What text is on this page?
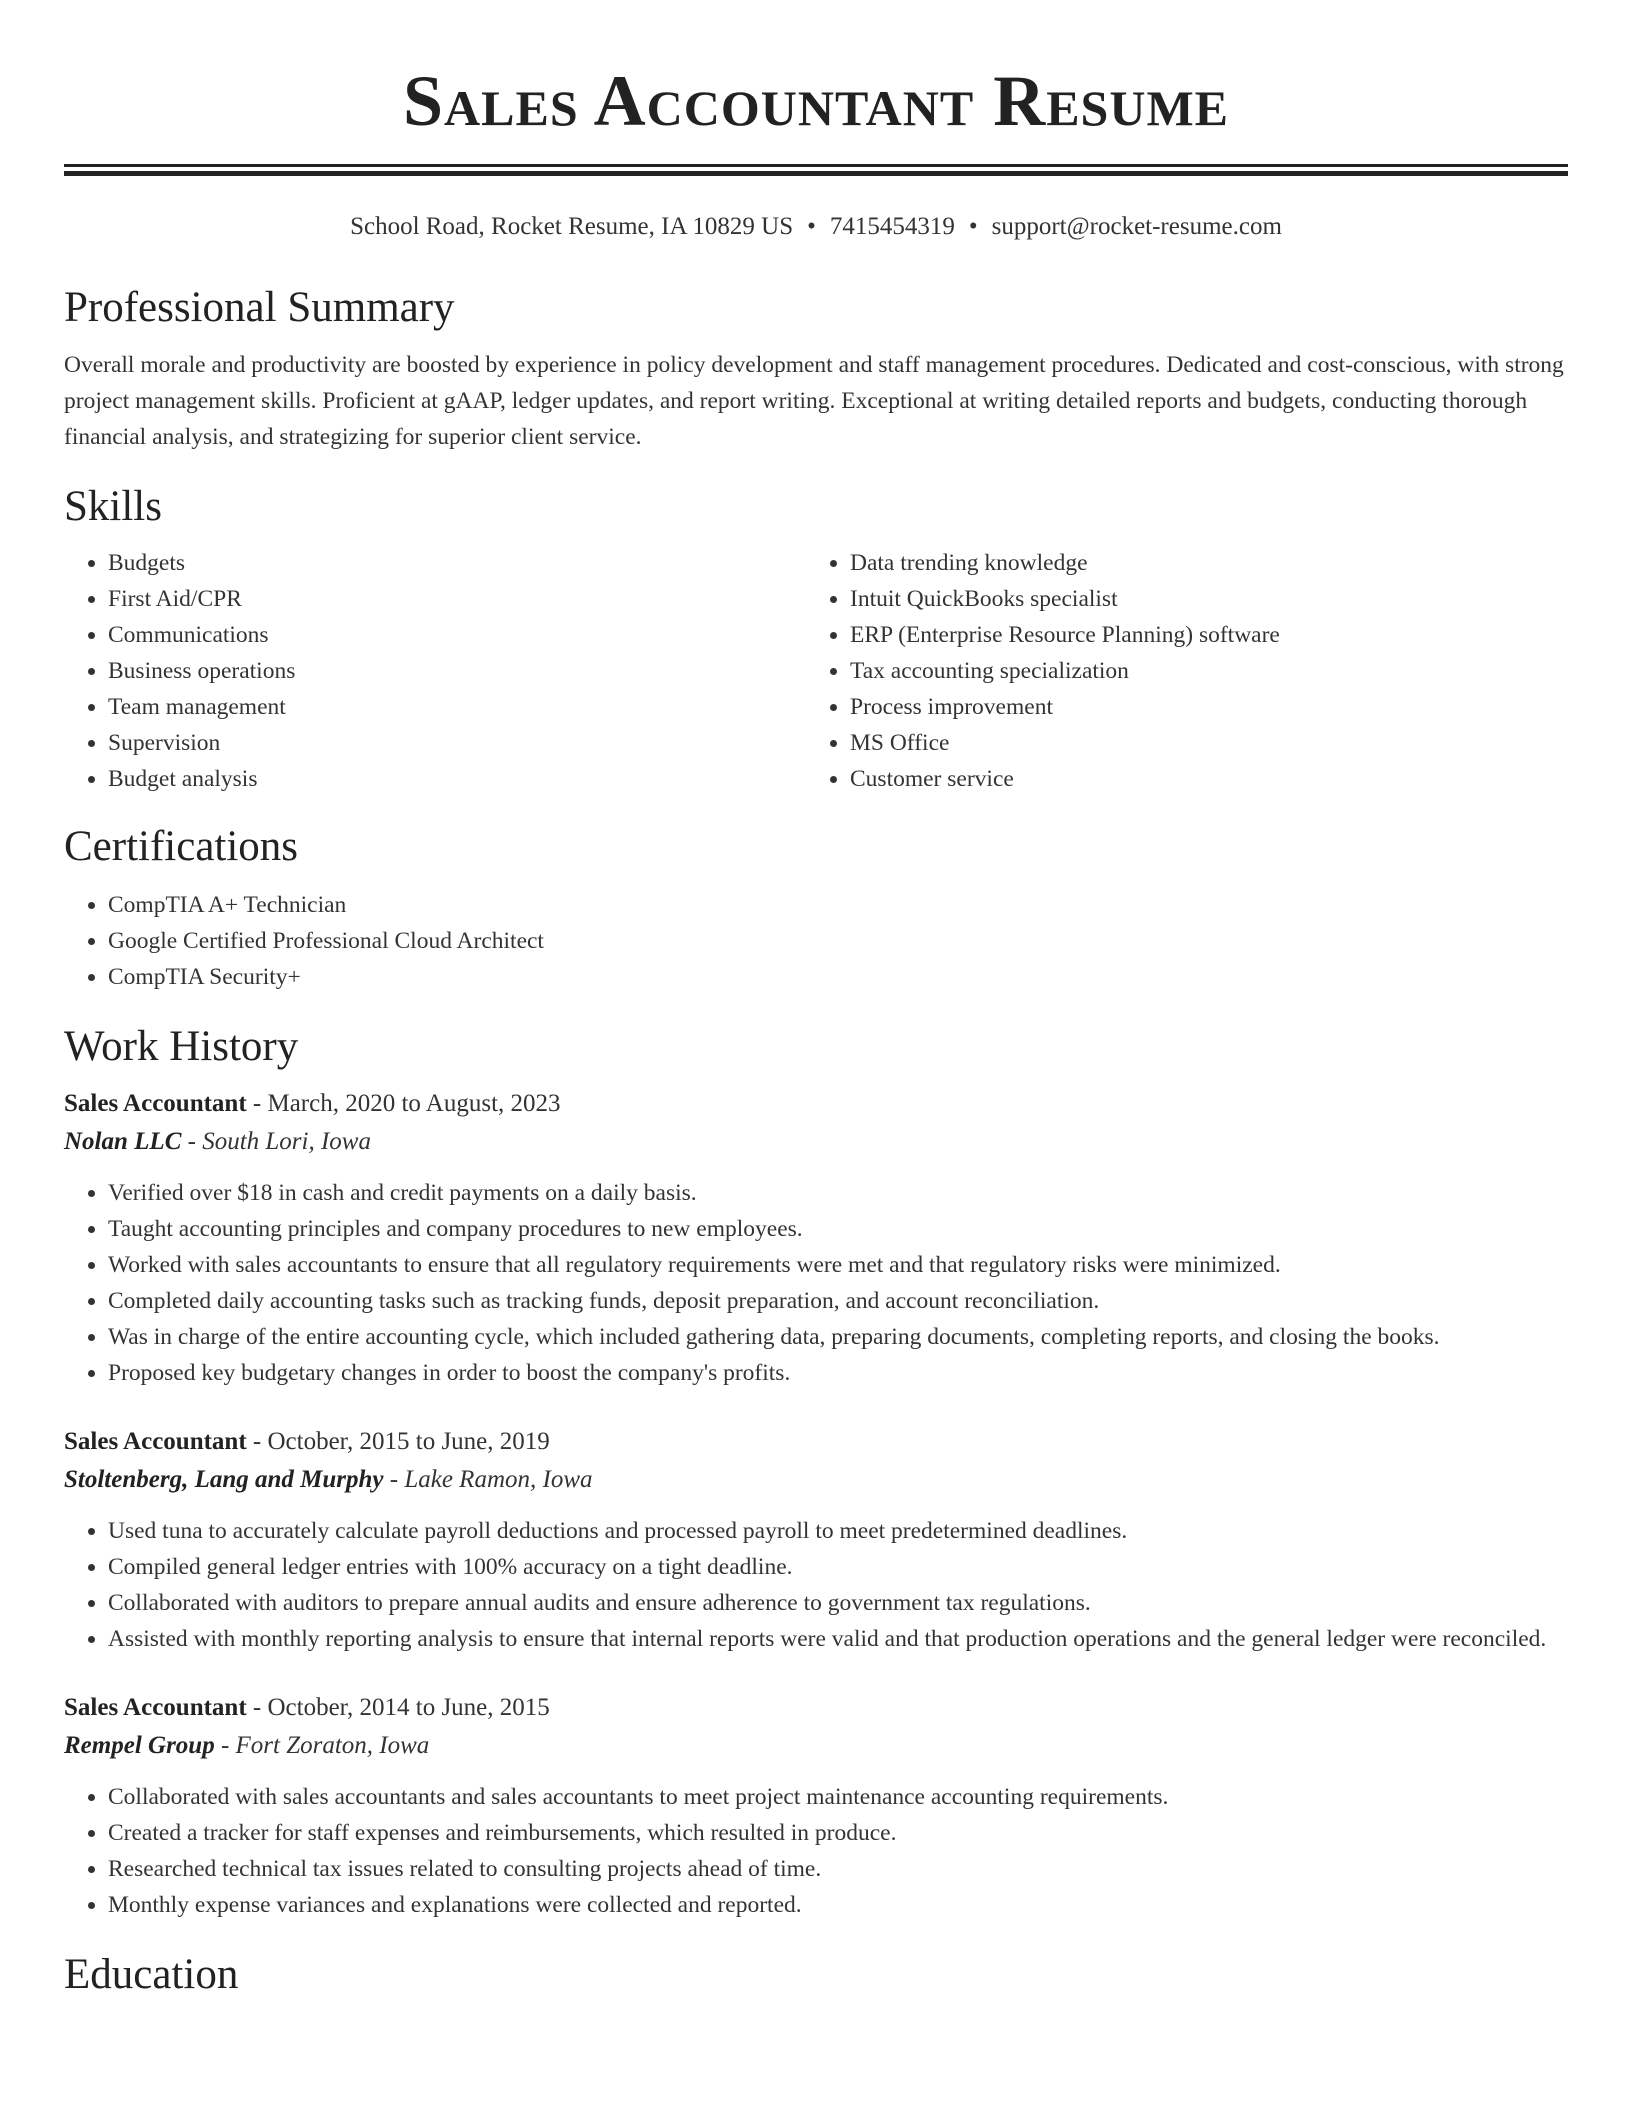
Sales Accountant Resume
School Road, Rocket Resume, IA 10829 US • 7415454319 • support@rocket-resume.com
Professional Summary

Overall morale and productivity are boosted by experience in policy development and staff management procedures. Dedicated and cost-conscious, with strong project management skills. Proficient at gAAP, ledger updates, and report writing. Exceptional at writing detailed reports and budgets, conducting thorough financial analysis, and strategizing for superior client service.

Skills
• Budgets
• First Aid/CPR
• Communications
• Business operations
• Team management
• Supervision
• Budget analysis
• Data trending knowledge
• Intuit QuickBooks specialist
• ERP (Enterprise Resource Planning) software
• Tax accounting specialization
• Process improvement
• MS Office
• Customer service
Certifications
• CompTIA A+ Technician
• Google Certified Professional Cloud Architect
• CompTIA Security+
Work History
Sales Accountant - March, 2020 to August, 2023
Nolan LLC - South Lori, Iowa
• Verified over $18 in cash and credit payments on a daily basis.
• Taught accounting principles and company procedures to new employees.
• Worked with sales accountants to ensure that all regulatory requirements were met and that regulatory risks were minimized.
• Completed daily accounting tasks such as tracking funds, deposit preparation, and account reconciliation.
• Was in charge of the entire accounting cycle, which included gathering data, preparing documents, completing reports, and closing the books.
• Proposed key budgetary changes in order to boost the company's profits.
Sales Accountant - October, 2015 to June, 2019
Stoltenberg, Lang and Murphy - Lake Ramon, Iowa
• Used tuna to accurately calculate payroll deductions and processed payroll to meet predetermined deadlines.
• Compiled general ledger entries with 100% accuracy on a tight deadline.
• Collaborated with auditors to prepare annual audits and ensure adherence to government tax regulations.
• Assisted with monthly reporting analysis to ensure that internal reports were valid and that production operations and the general ledger were reconciled.
Sales Accountant - October, 2014 to June, 2015
Rempel Group - Fort Zoraton, Iowa
• Collaborated with sales accountants and sales accountants to meet project maintenance accounting requirements.
• Created a tracker for staff expenses and reimbursements, which resulted in produce.
• Researched technical tax issues related to consulting projects ahead of time.
• Monthly expense variances and explanations were collected and reported.
Education
